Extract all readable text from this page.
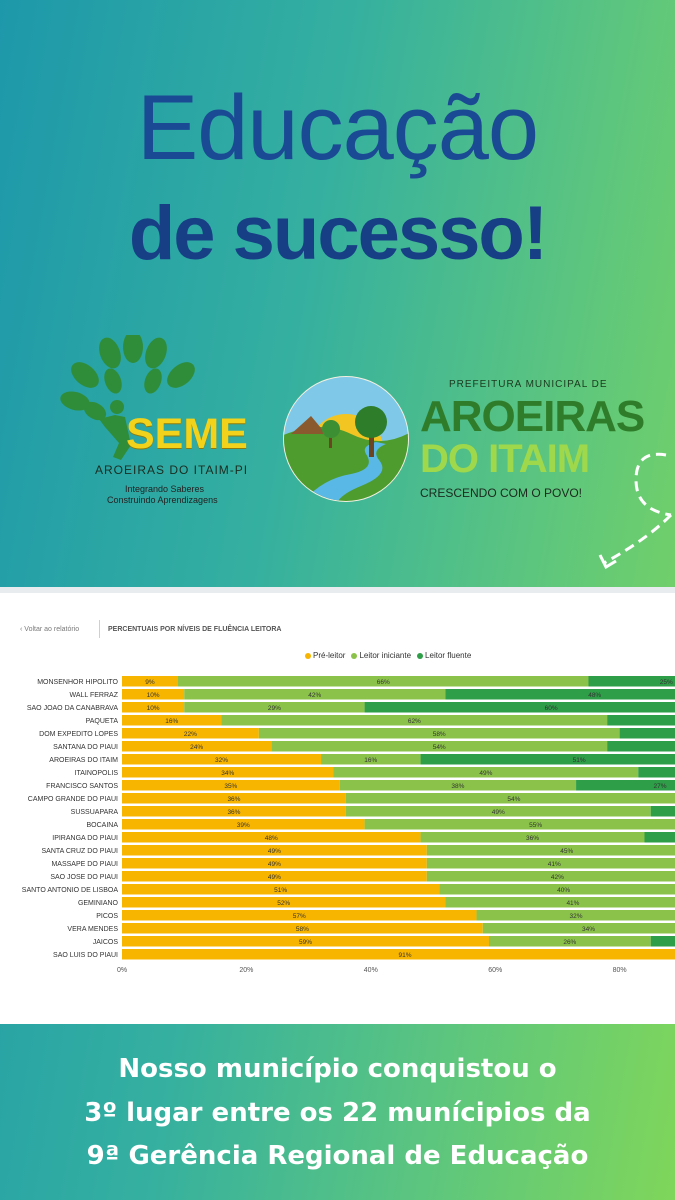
Educação
de sucesso!
SEME
AROEIRAS DO ITAIM-PI
Integrando Saberes
Construindo Aprendizagens
PREFEITURA MUNICIPAL DE
AROEIRAS
DO ITAIM
CRESCENDO COM O POVO!
‹ Voltar ao relatório	PERCENTUAIS POR NÍVEIS DE FLUÊNCIA LEITORA
Pré-leitor	Leitor iniciante	Leitor fluente
MONSENHOR HIPOLITO	9%	66%	25%
WALL FERRAZ	10%	42%	48%
SAO JOAO DA CANABRAVA	10%	29%	60%
PAQUETA	16%	62%
DOM EXPEDITO LOPES	22%	58%
SANTANA DO PIAUI	24%	54%
AROEIRAS DO ITAIM	32%	16%	51%
ITAINOPOLIS	34%	49%
FRANCISCO SANTOS	35%	38%	27%
CAMPO GRANDE DO PIAUI	36%	54%
SUSSUAPARA	36%	49%
BOCAINA	39%	55%
IPIRANGA DO PIAUI	48%	36%
SANTA CRUZ DO PIAUI	49%	45%
MASSAPE DO PIAUI	49%	41%
SAO JOSE DO PIAUI	49%	42%
SANTO ANTONIO DE LISBOA	51%	40%
GEMINIANO	52%	41%
PICOS	57%	32%
VERA MENDES	58%	34%
JAICOS	59%	26%
SAO LUIS DO PIAUI	91%
0%	20%	40%	60%	80%
Nosso município conquistou o
3º lugar entre os 22 munícipios da
9ª Gerência Regional de Educação
